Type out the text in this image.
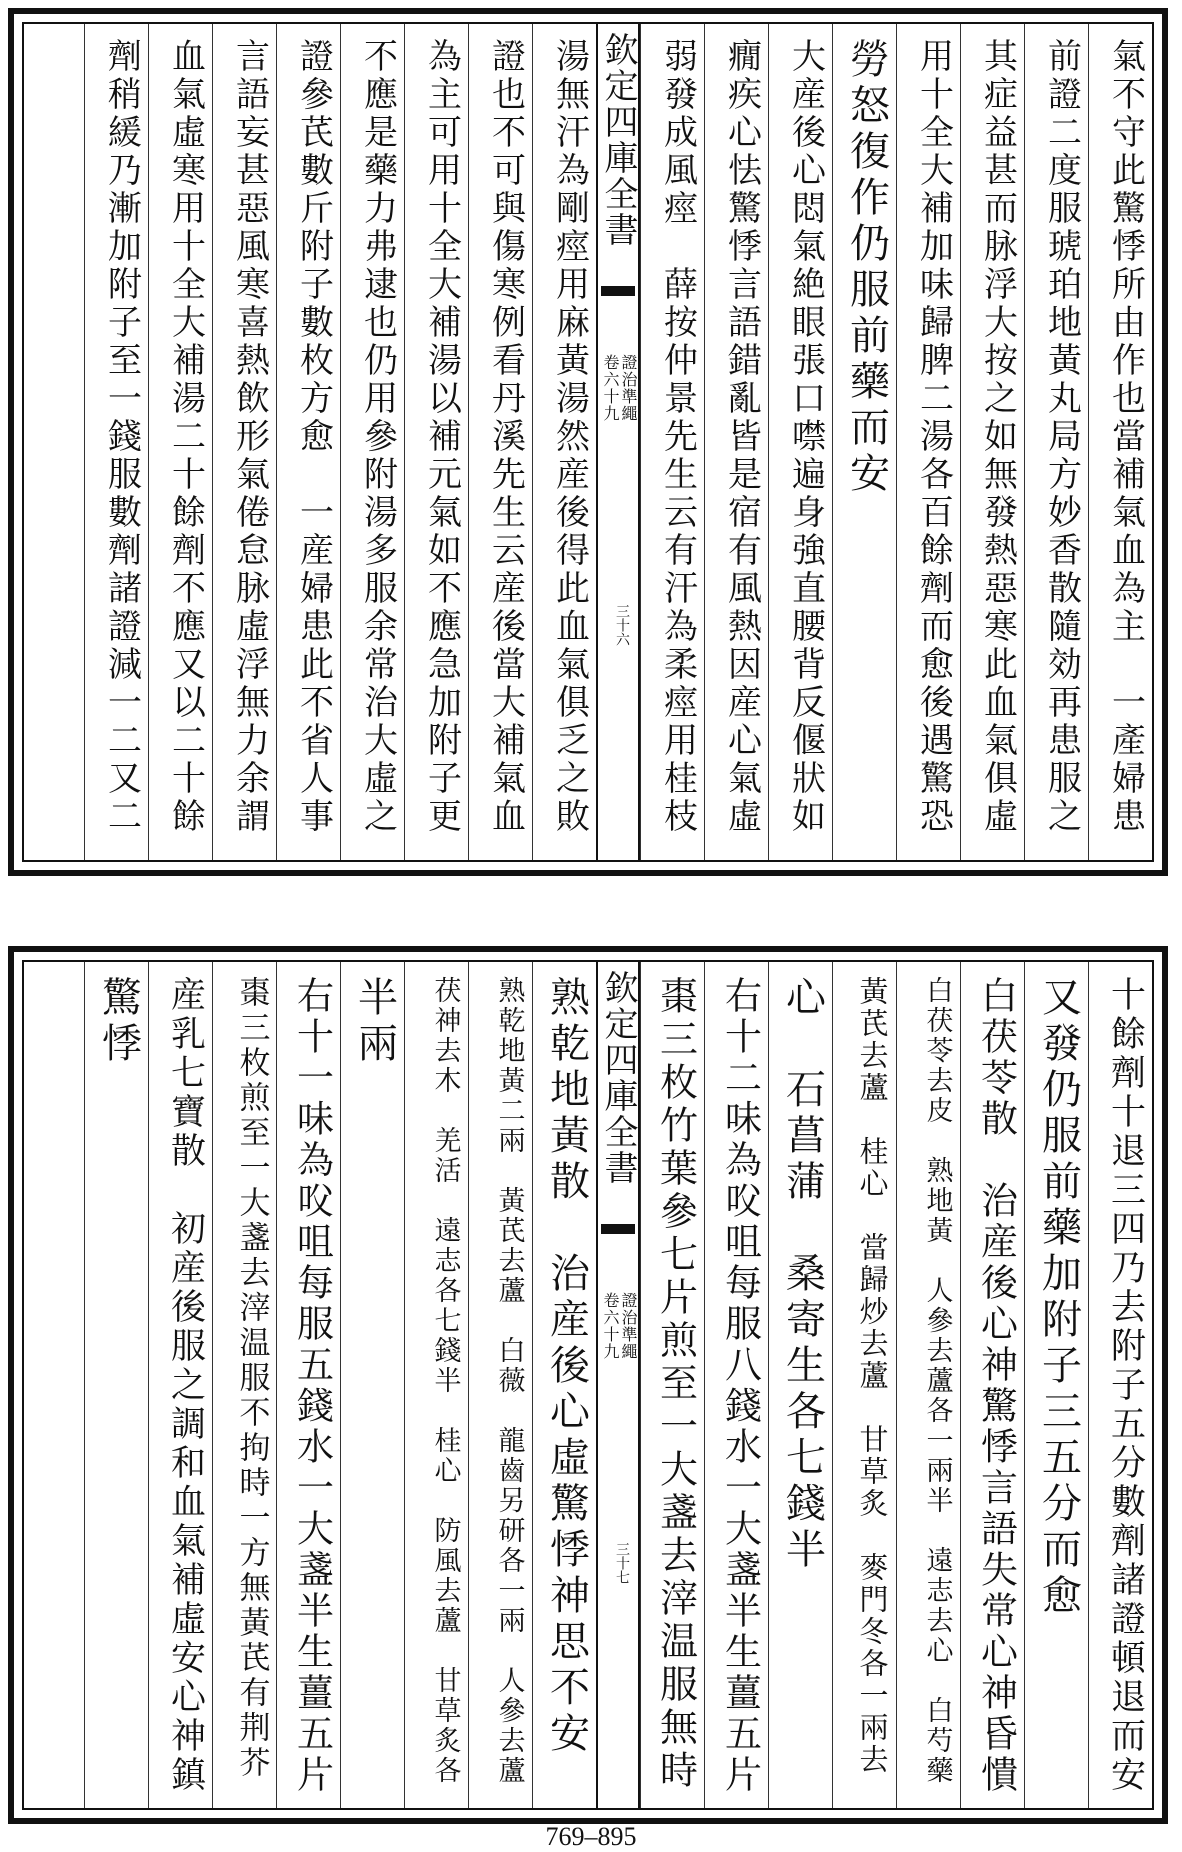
氣不守此驚悸所由作也當補氣血為主　一產婦患
前證二度服琥珀地黃丸局方妙香散隨効再患服之
其症益甚而脉浮大按之如無發熱惡寒此血氣俱虛
用十全大補加味歸脾二湯各百餘劑而愈後遇驚恐
勞怒復作仍服前藥而安
大産後心悶氣絶眼張口噤遍身強直腰背反偃狀如
癇疾心怯驚悸言語錯亂皆是宿有風熱因産心氣虛
弱發成風痙　薛按仲景先生云有汗為柔痙用桂枝
欽定四庫全書
證治準繩
卷六十九
三十六
湯無汗為剛痙用麻黃湯然産後得此血氣俱乏之敗
證也不可與傷寒例看丹溪先生云産後當大補氣血
為主可用十全大補湯以補元氣如不應急加附子更
不應是藥力弗逮也仍用參附湯多服余常治大虛之
證參芪數斤附子數枚方愈　一産婦患此不省人事
言語妄甚惡風寒喜熱飲形氣倦怠脉虛浮無力余謂
血氣虛寒用十全大補湯二十餘劑不應又以二十餘
劑稍緩乃漸加附子至一錢服數劑諸證減一二又二
十餘劑十退三四乃去附子五分數劑諸證頓退而安
又發仍服前藥加附子三五分而愈
白茯苓散　治産後心神驚悸言語失常心神昏憒
白茯苓去皮　熟地黃　人參去蘆各一兩半　遠志去心　白芍藥
黃芪去蘆　桂心　當歸炒去蘆　甘草炙　麥門冬各一兩去
心　石菖蒲　桑寄生各七錢半
右十二味為㕮咀每服八錢水一大盞半生薑五片
棗三枚竹葉參七片煎至一大盞去滓温服無時
欽定四庫全書
證治準繩
卷六十九
三十七
熟乾地黃散　治産後心虛驚悸神思不安
熟乾地黃二兩　黃芪去蘆　白薇　龍齒另研各一兩　人參去蘆
茯神去木　羌活　遠志各七錢半　桂心　防風去蘆　甘草炙各
半兩
右十一味為㕮咀每服五錢水一大盞半生薑五片
棗三枚煎至一大盞去滓温服不拘時一方無黃芪有荆芥
産乳七寶散　初産後服之調和血氣補虛安心神鎮
驚悸
769–895
